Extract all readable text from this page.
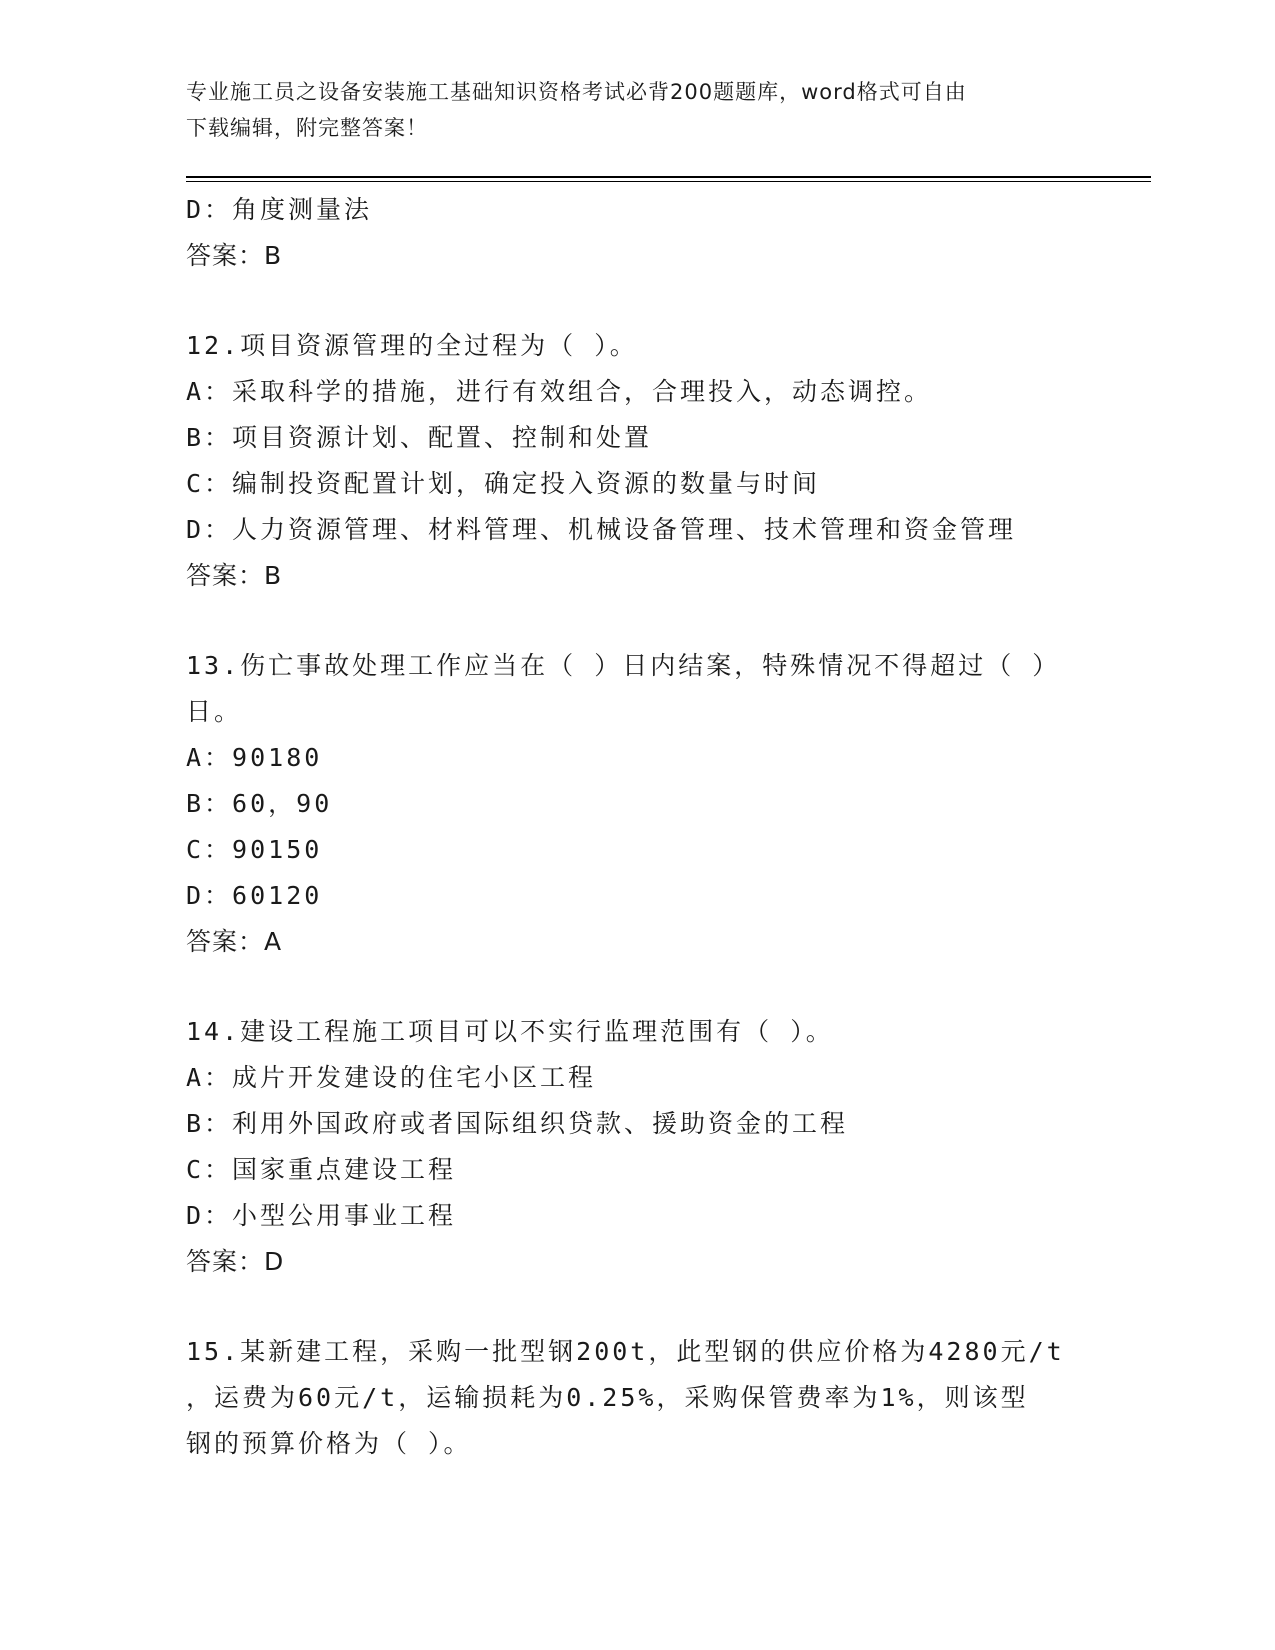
专业施工员之设备安装施工基础知识资格考试必背200题题库，word格式可自由
下载编辑，附完整答案！
D：角度测量法
答案：B
12.项目资源管理的全过程为（ ）。
A：采取科学的措施，进行有效组合，合理投入，动态调控。
B：项目资源计划、配置、控制和处置
C：编制投资配置计划，确定投入资源的数量与时间
D：人力资源管理、材料管理、机械设备管理、技术管理和资金管理
答案：B
13.伤亡事故处理工作应当在（ ）日内结案，特殊情况不得超过（ ）
日。
A：90180
B：60，90
C：90150
D：60120
答案：A
14.建设工程施工项目可以不实行监理范围有（ ）。
A：成片开发建设的住宅小区工程
B：利用外国政府或者国际组织贷款、援助资金的工程
C：国家重点建设工程
D：小型公用事业工程
答案：D
15.某新建工程，采购一批型钢200t，此型钢的供应价格为4280元/t
，运费为60元/t，运输损耗为0.25%，采购保管费率为1%，则该型
钢的预算价格为（ ）。
